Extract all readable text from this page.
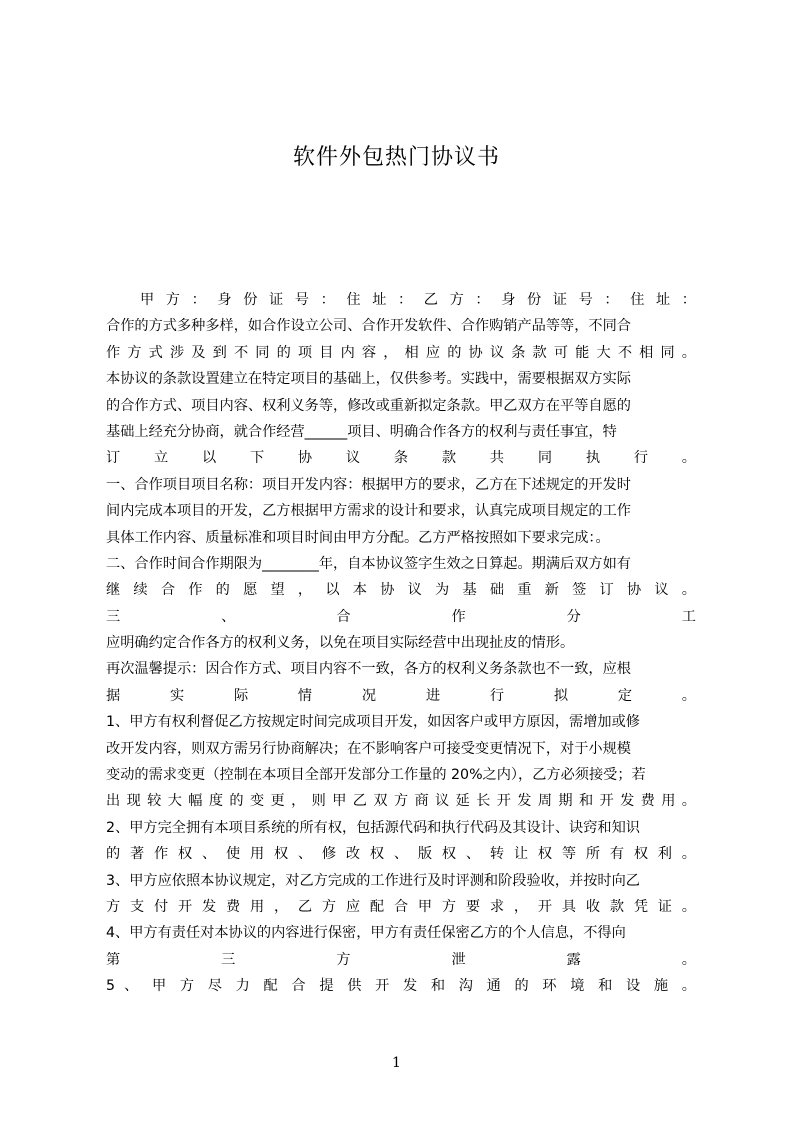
软件外包热门协议书

甲 方 ： 身 份 证 号 ： 住 址 ： 乙 方 ： 身 份 证 号 ： 住 址 ：

合作的方式多种多样，如合作设立公司、合作开发软件、合作购销产品等等，不同合

作 方 式 涉 及 到 不 同 的 项 目 内 容 ， 相 应 的 协 议 条 款 可 能 大 不 相 同 。

本协议的条款设置建立在特定项目的基础上，仅供参考。实践中，需要根据双方实际

的合作方式、项目内容、权利义务等，修改或重新拟定条款。甲乙双方在平等自愿的

基础上经充分协商，就合作经营______项目、明确合作各方的权利与责任事宜，特

订 立 以 下 协 议 条 款 共 同 执 行 。

一、合作项目项目名称：项目开发内容：根据甲方的要求，乙方在下述规定的开发时

间内完成本项目的开发，乙方根据甲方需求的设计和要求，认真完成项目规定的工作

具体工作内容、质量标准和项目时间由甲方分配。乙方严格按照如下要求完成：。

二、合作时间合作期限为________年，自本协议签字生效之日算起。期满后双方如有

继 续 合 作 的 愿 望 ， 以 本 协 议 为 基 础 重 新 签 订 协 议 。

三 、 合 作 分 工

应明确约定合作各方的权利义务，以免在项目实际经营中出现扯皮的情形。

再次温馨提示：因合作方式、项目内容不一致，各方的权利义务条款也不一致，应根

据 实 际 情 况 进 行 拟 定 。

1、甲方有权利督促乙方按规定时间完成项目开发，如因客户或甲方原因，需增加或修

改开发内容，则双方需另行协商解决；在不影响客户可接受变更情况下，对于小规模

变动的需求变更（控制在本项目全部开发部分工作量的 20%之内），乙方必须接受；若

出 现 较 大 幅 度 的 变 更 ， 则 甲 乙 双 方 商 议 延 长 开 发 周 期 和 开 发 费 用 。

2、甲方完全拥有本项目系统的所有权，包括源代码和执行代码及其设计、诀窍和知识

的 著 作 权 、 使 用 权 、 修 改 权 、 版 权 、 转 让 权 等 所 有 权 利 。

3、甲方应依照本协议规定，对乙方完成的工作进行及时评测和阶段验收，并按时向乙

方 支 付 开 发 费 用 ， 乙 方 应 配 合 甲 方 要 求 ， 开 具 收 款 凭 证 。

4、甲方有责任对本协议的内容进行保密，甲方有责任保密乙方的个人信息，不得向

第 三 方 泄 露 。

5 、 甲 方 尽 力 配 合 提 供 开 发 和 沟 通 的 环 境 和 设 施 。

1
